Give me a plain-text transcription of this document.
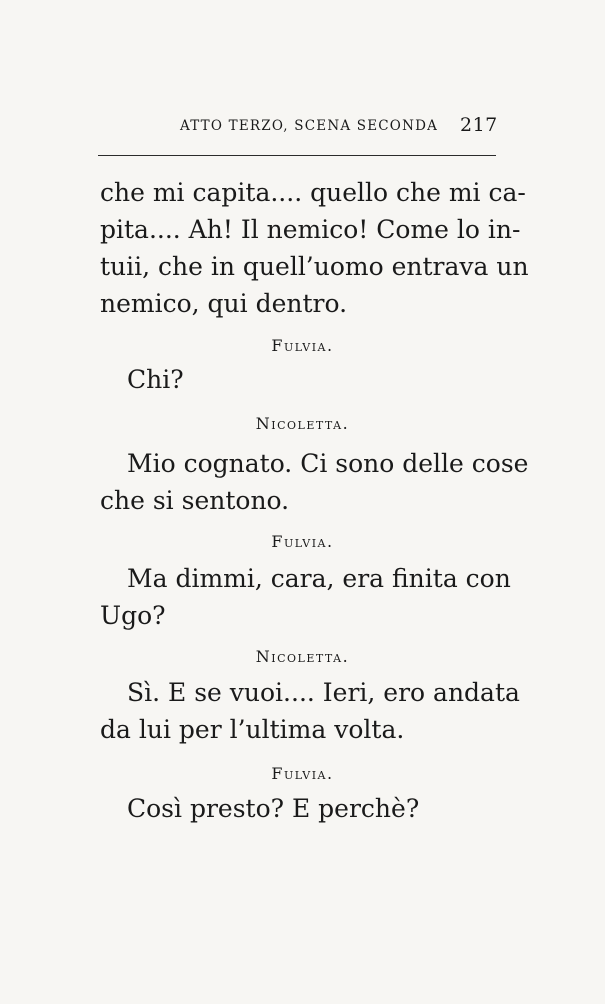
ATTO TERZO, SCENA SECONDA 217
che mi capita.... quello che mi ca-
pita.... Ah! Il nemico! Come lo in-
tuii, che in quell’uomo entrava un
nemico, qui dentro.
Fulvia.
Chi?
Nicoletta.
Mio cognato. Ci sono delle cose
che si sentono.
Fulvia.
Ma dimmi, cara, era finita con
Ugo?
Nicoletta.
Sì. E se vuoi.... Ieri, ero andata
da lui per l’ultima volta.
Fulvia.
Così presto? E perchè?
